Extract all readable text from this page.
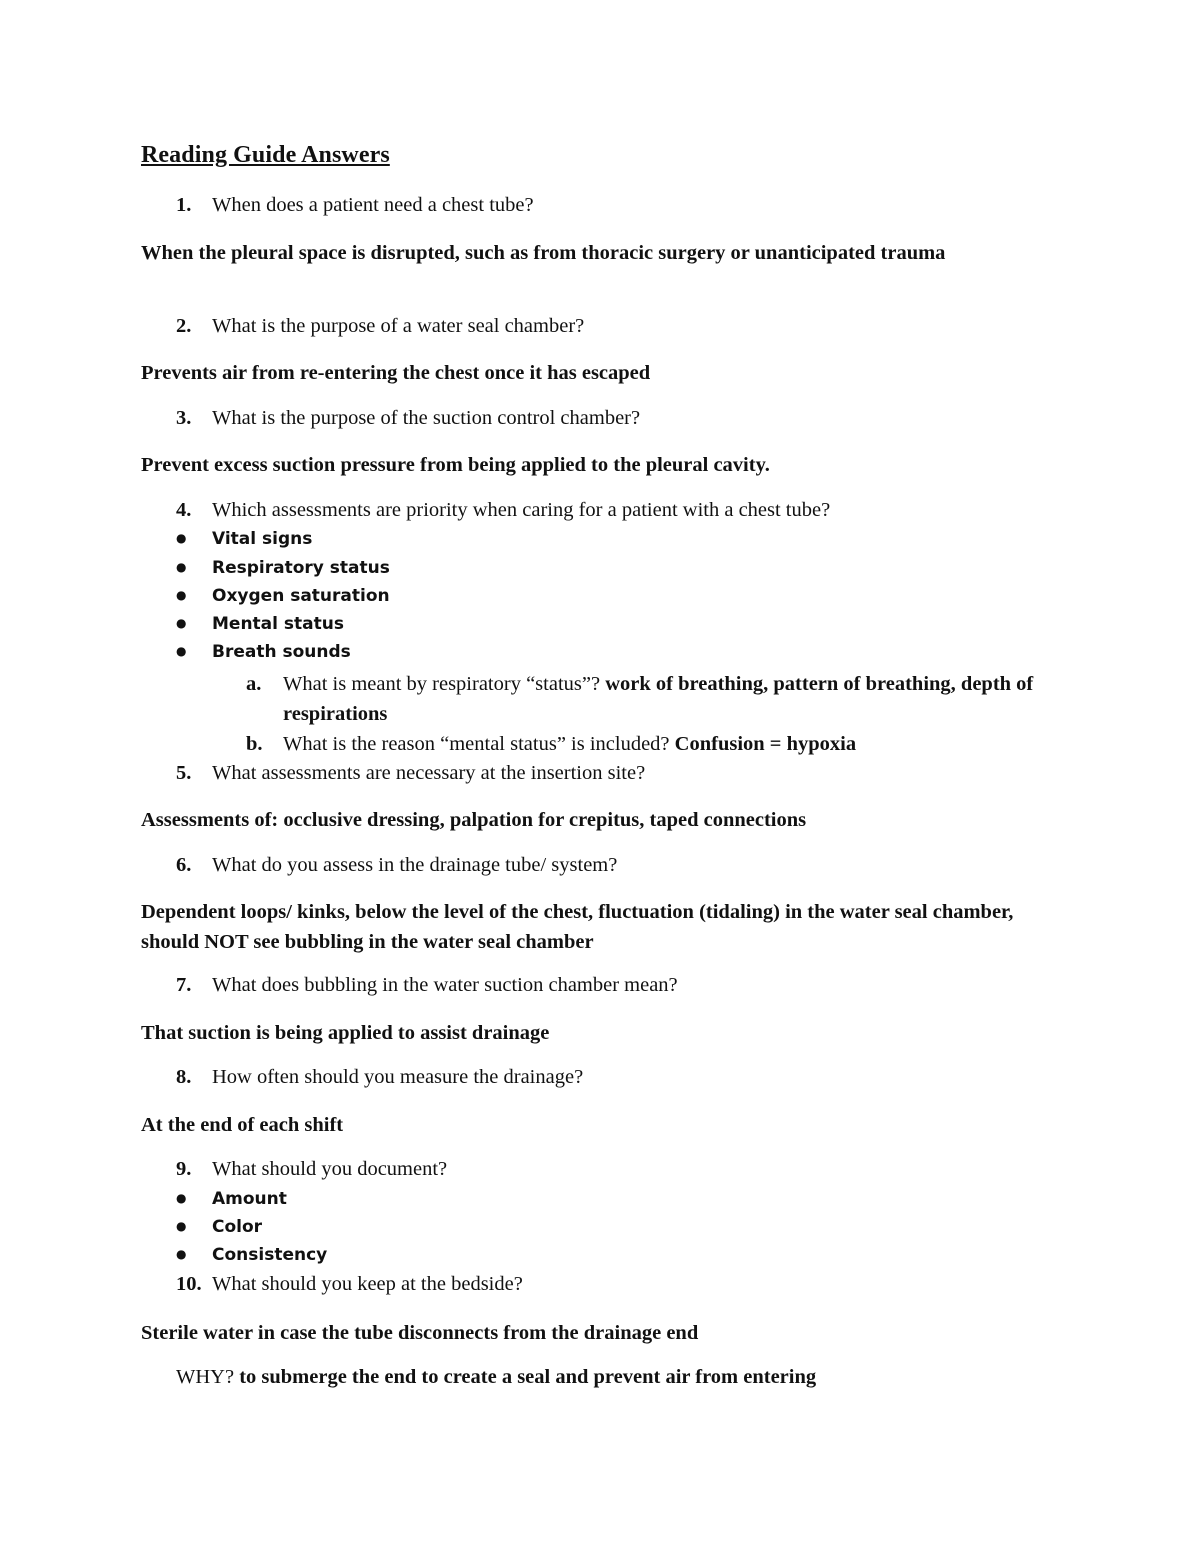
Reading Guide Answers
1. When does a patient need a chest tube?
When the pleural space is disrupted, such as from thoracic surgery or unanticipated trauma
2. What is the purpose of a water seal chamber?
Prevents air from re-entering the chest once it has escaped
3. What is the purpose of the suction control chamber?
Prevent excess suction pressure from being applied to the pleural cavity.
4. Which assessments are priority when caring for a patient with a chest tube?
● Vital signs
● Respiratory status
● Oxygen saturation
● Mental status
● Breath sounds
a. What is meant by respiratory “status”? work of breathing, pattern of breathing, depth of respirations
b. What is the reason “mental status” is included? Confusion = hypoxia
5. What assessments are necessary at the insertion site?
Assessments of: occlusive dressing, palpation for crepitus, taped connections
6. What do you assess in the drainage tube/ system?
Dependent loops/ kinks, below the level of the chest, fluctuation (tidaling) in the water seal chamber, should NOT see bubbling in the water seal chamber
7. What does bubbling in the water suction chamber mean?
That suction is being applied to assist drainage
8. How often should you measure the drainage?
At the end of each shift
9. What should you document?
● Amount
● Color
● Consistency
10. What should you keep at the bedside?
Sterile water in case the tube disconnects from the drainage end
WHY? to submerge the end to create a seal and prevent air from entering
